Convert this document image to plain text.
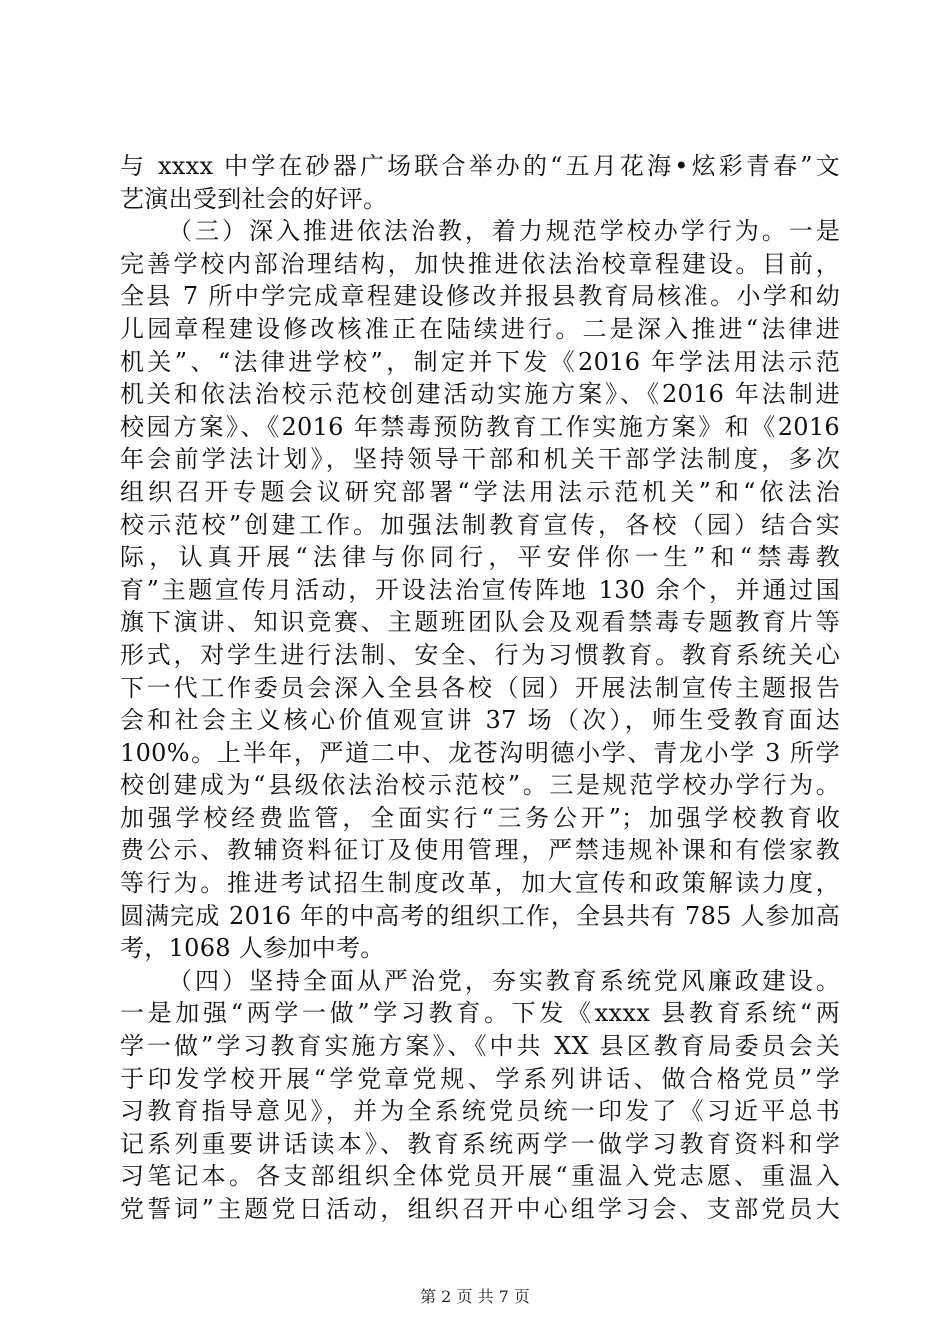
与 xxxx 中学在砂器广场联合举办的“五月花海•炫彩青春”文
艺演出受到社会的好评。
（三）深入推进依法治教，着力规范学校办学行为。一是
完善学校内部治理结构，加快推进依法治校章程建设。目前，
全县 7 所中学完成章程建设修改并报县教育局核准。小学和幼
儿园章程建设修改核准正在陆续进行。二是深入推进“法律进
机关”、“法律进学校”，制定并下发《2016 年学法用法示范
机关和依法治校示范校创建活动实施方案》、《2016 年法制进
校园方案》、《2016 年禁毒预防教育工作实施方案》和《2016
年会前学法计划》，坚持领导干部和机关干部学法制度，多次
组织召开专题会议研究部署“学法用法示范机关”和“依法治
校示范校”创建工作。加强法制教育宣传，各校（园）结合实
际，认真开展“法律与你同行，平安伴你一生”和“禁毒教
育”主题宣传月活动，开设法治宣传阵地 130 余个，并通过国
旗下演讲、知识竞赛、主题班团队会及观看禁毒专题教育片等
形式，对学生进行法制、安全、行为习惯教育。教育系统关心
下一代工作委员会深入全县各校（园）开展法制宣传主题报告
会和社会主义核心价值观宣讲 37 场（次），师生受教育面达
100%。上半年，严道二中、龙苍沟明德小学、青龙小学 3 所学
校创建成为“县级依法治校示范校”。三是规范学校办学行为。
加强学校经费监管，全面实行“三务公开”；加强学校教育收
费公示、教辅资料征订及使用管理，严禁违规补课和有偿家教
等行为。推进考试招生制度改革，加大宣传和政策解读力度，
圆满完成 2016 年的中高考的组织工作，全县共有 785 人参加高
考，1068 人参加中考。
（四）坚持全面从严治党，夯实教育系统党风廉政建设。
一是加强“两学一做”学习教育。下发《xxxx 县教育系统“两
学一做”学习教育实施方案》、《中共 XX 县区教育局委员会关
于印发学校开展“学党章党规、学系列讲话、做合格党员”学
习教育指导意见》，并为全系统党员统一印发了《习近平总书
记系列重要讲话读本》、教育系统两学一做学习教育资料和学
习笔记本。各支部组织全体党员开展“重温入党志愿、重温入
党誓词”主题党日活动，组织召开中心组学习会、支部党员大
第 2 页 共 7 页
